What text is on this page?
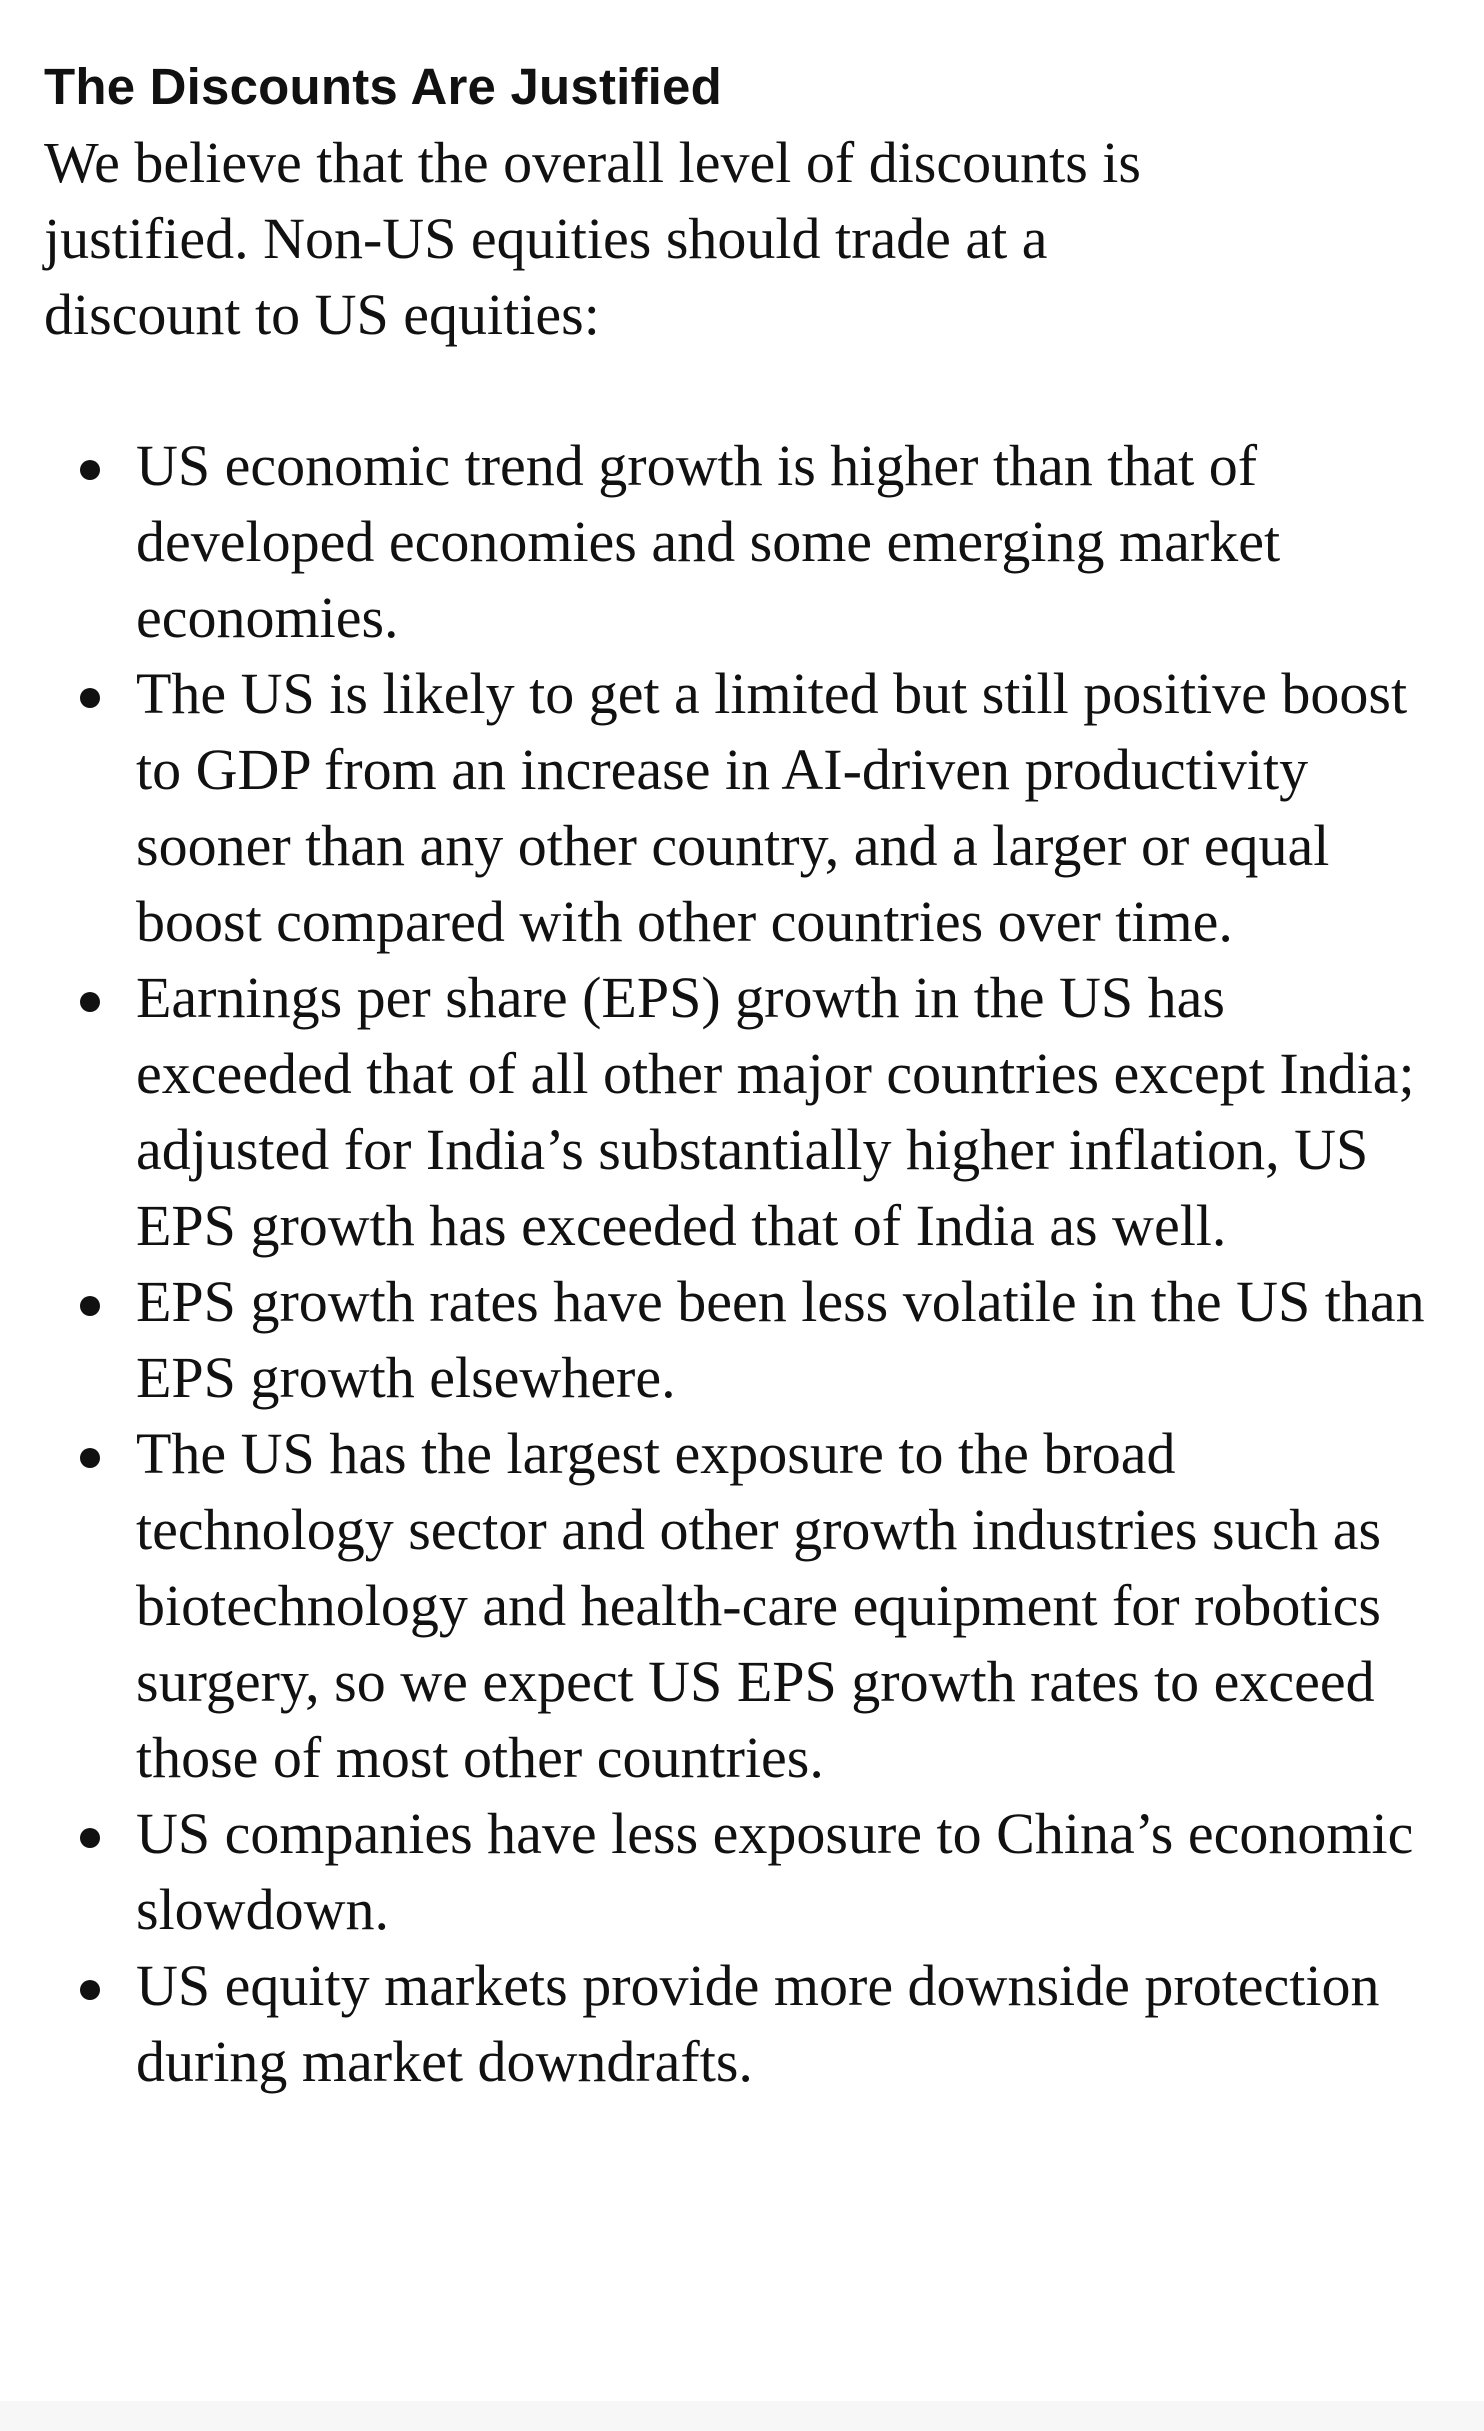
The Discounts Are Justified

We believe that the overall level of discounts is justified. Non-US equities should trade at a discount to US equities:

US economic trend growth is higher than that of developed economies and some emerging market economies.
The US is likely to get a limited but still positive boost to GDP from an increase in AI-driven productivity sooner than any other country, and a larger or equal boost compared with other countries over time.
Earnings per share (EPS) growth in the US has exceeded that of all other major countries except India; adjusted for India’s substantially higher inflation, US EPS growth has exceeded that of India as well.
EPS growth rates have been less volatile in the US than EPS growth elsewhere.
The US has the largest exposure to the broad technology sector and other growth industries such as biotechnology and health-care equipment for robotics surgery, so we expect US EPS growth rates to exceed those of most other countries.
US companies have less exposure to China’s economic slowdown.
US equity markets provide more downside protection during market downdrafts.
